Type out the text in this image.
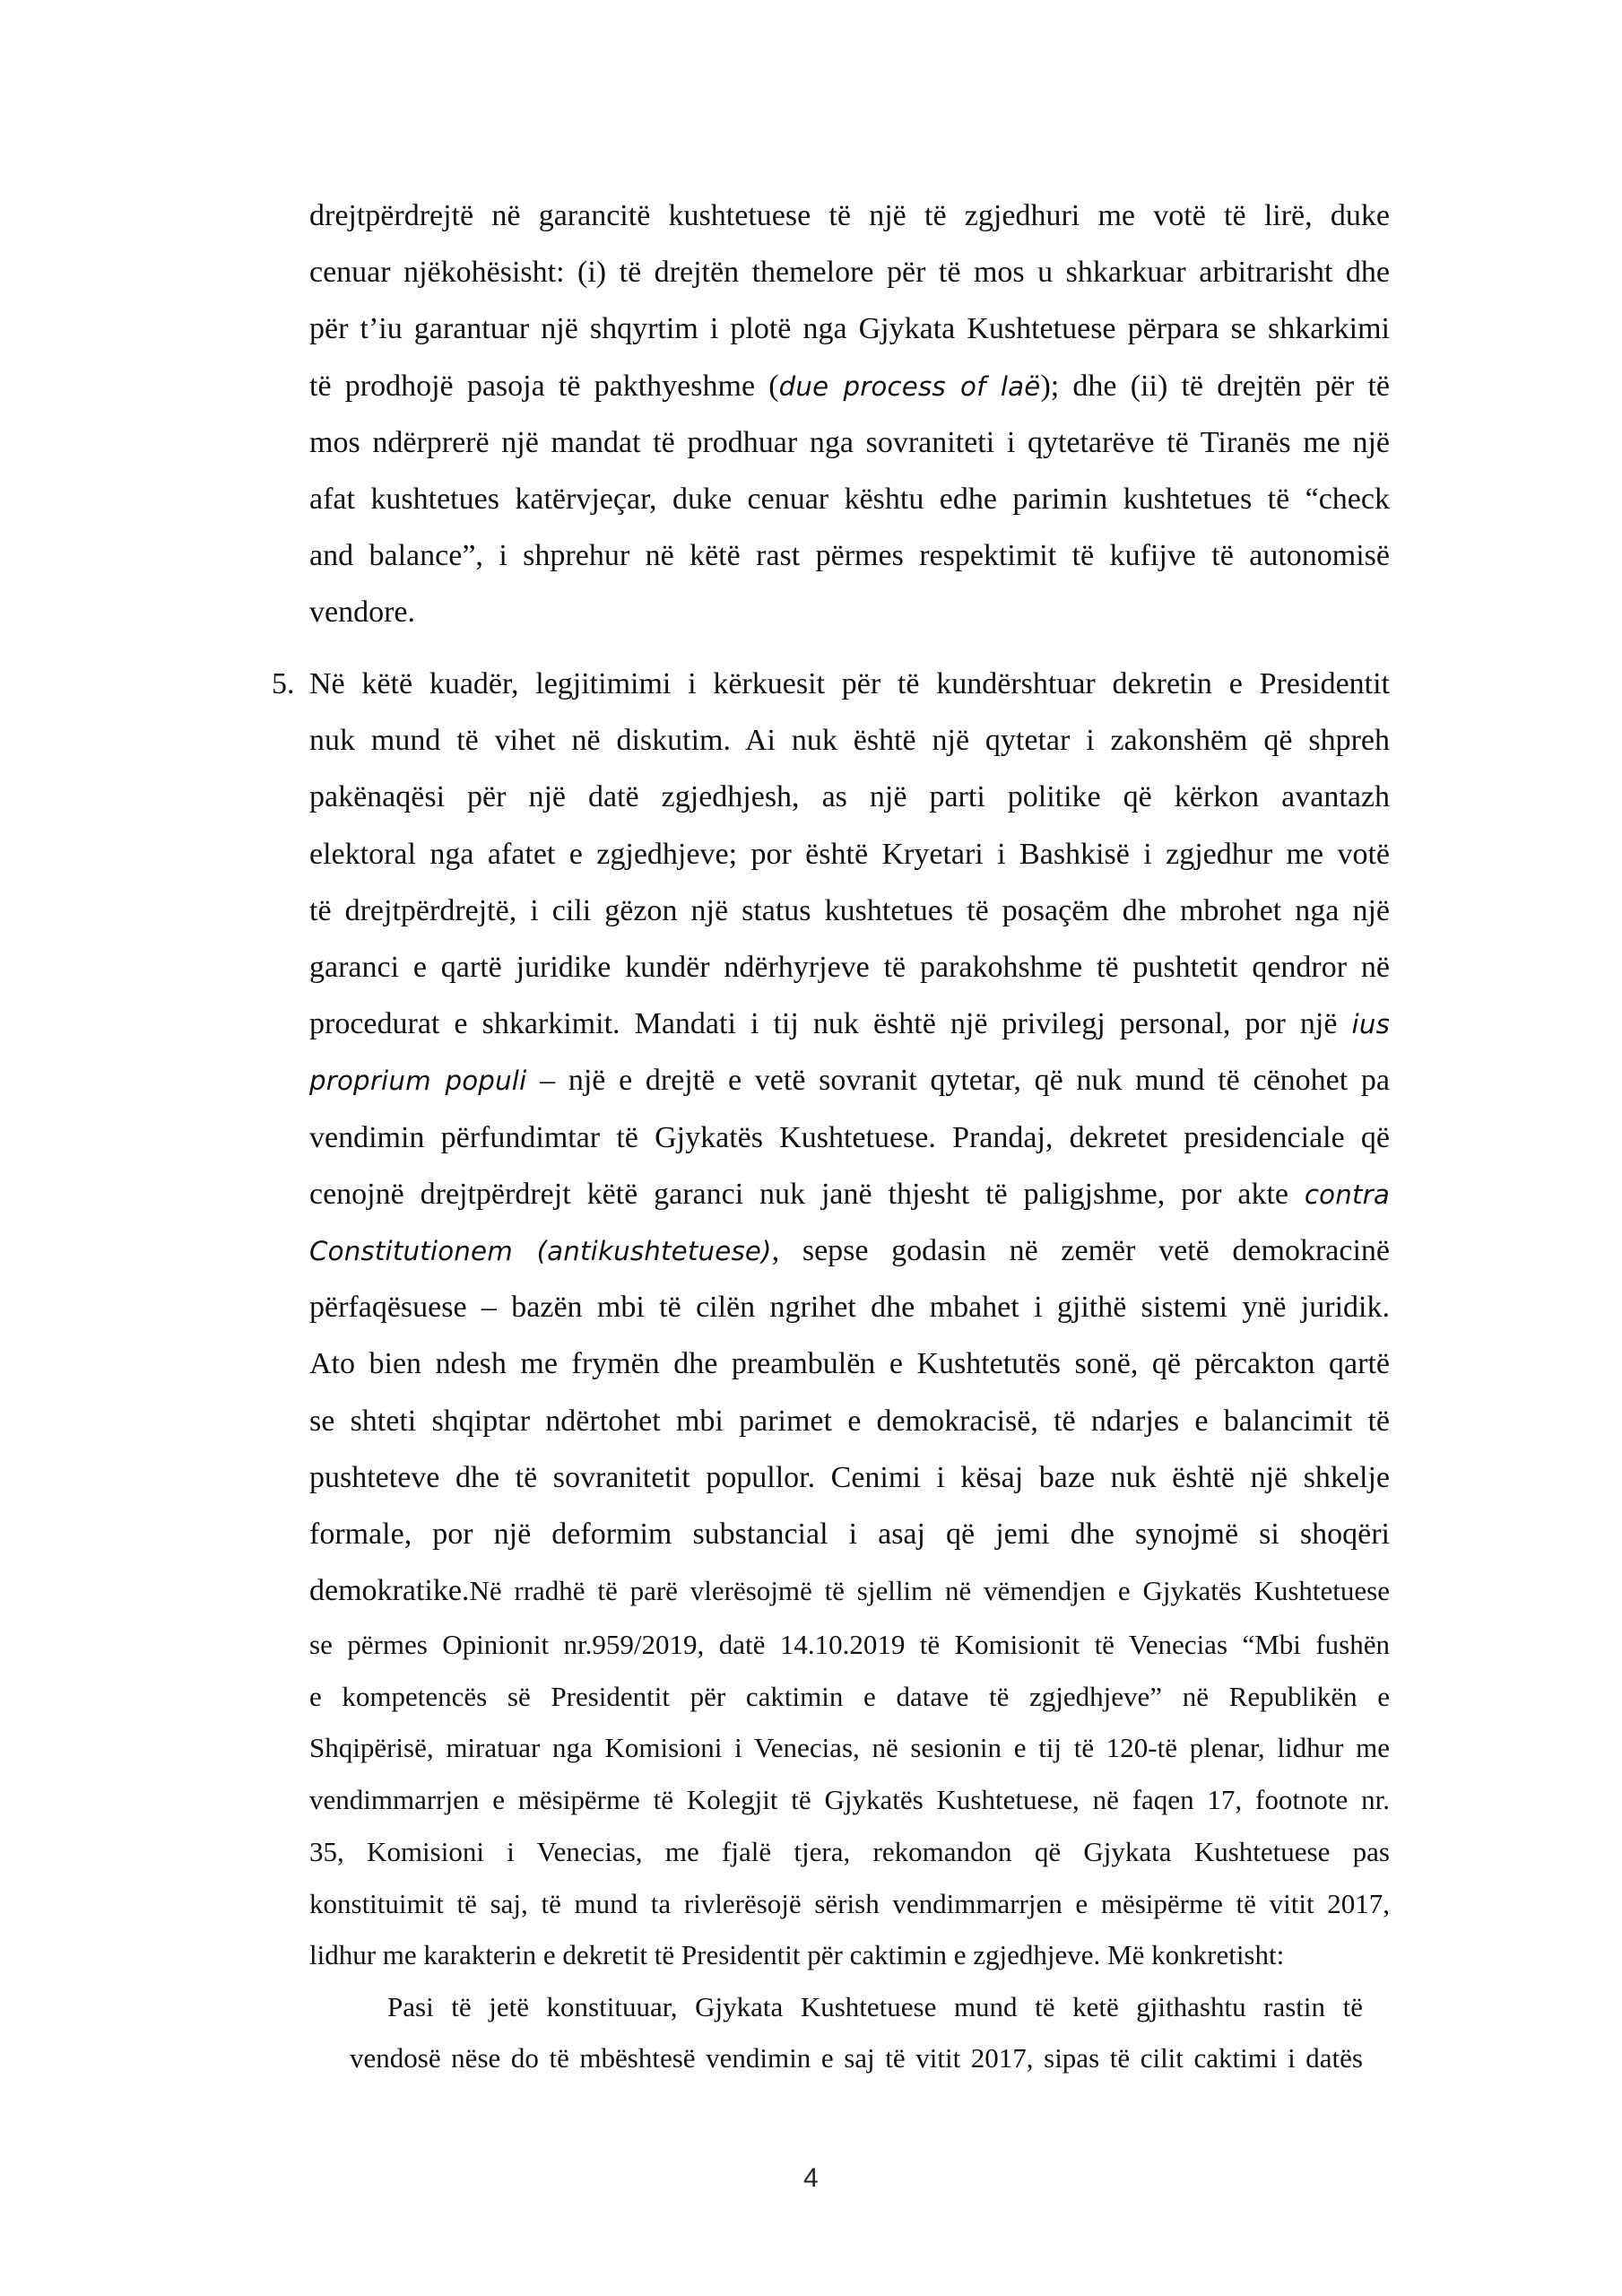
drejtpërdrejtë në garancitë kushtetuese të një të zgjedhuri me votë të lirë, duke
cenuar njëkohësisht: (i) të drejtën themelore për të mos u shkarkuar arbitrarisht dhe
për t’iu garantuar një shqyrtim i plotë nga Gjykata Kushtetuese përpara se shkarkimi
të prodhojë pasoja të pakthyeshme (due process of laë); dhe (ii) të drejtën për të
mos ndërprerë një mandat të prodhuar nga sovraniteti i qytetarëve të Tiranës me një
afat kushtetues katërvjeçar, duke cenuar kështu edhe parimin kushtetues të “check
and balance”, i shprehur në këtë rast përmes respektimit të kufijve të autonomisë
vendore.
5. Në këtë kuadër, legjitimimi i kërkuesit për të kundërshtuar dekretin e Presidentit
nuk mund të vihet në diskutim. Ai nuk është një qytetar i zakonshëm që shpreh
pakënaqësi për një datë zgjedhjesh, as një parti politike që kërkon avantazh
elektoral nga afatet e zgjedhjeve; por është Kryetari i Bashkisë i zgjedhur me votë
të drejtpërdrejtë, i cili gëzon një status kushtetues të posaçëm dhe mbrohet nga një
garanci e qartë juridike kundër ndërhyrjeve të parakohshme të pushtetit qendror në
procedurat e shkarkimit. Mandati i tij nuk është një privilegj personal, por një ius
proprium populi – një e drejtë e vetë sovranit qytetar, që nuk mund të cënohet pa
vendimin përfundimtar të Gjykatës Kushtetuese. Prandaj, dekretet presidenciale që
cenojnë drejtpërdrejt këtë garanci nuk janë thjesht të paligjshme, por akte contra
Constitutionem (antikushtetuese), sepse godasin në zemër vetë demokracinë
përfaqësuese – bazën mbi të cilën ngrihet dhe mbahet i gjithë sistemi ynë juridik.
Ato bien ndesh me frymën dhe preambulën e Kushtetutës sonë, që përcakton qartë
se shteti shqiptar ndërtohet mbi parimet e demokracisë, të ndarjes e balancimit të
pushteteve dhe të sovranitetit popullor. Cenimi i kësaj baze nuk është një shkelje
formale, por një deformim substancial i asaj që jemi dhe synojmë si shoqëri
demokratike.Në rradhë të parë vlerësojmë të sjellim në vëmendjen e Gjykatës Kushtetuese
se përmes Opinionit nr.959/2019, datë 14.10.2019 të Komisionit të Venecias “Mbi fushën
e kompetencës së Presidentit për caktimin e datave të zgjedhjeve” në Republikën e
Shqipërisë, miratuar nga Komisioni i Venecias, në sesionin e tij të 120-të plenar, lidhur me
vendimmarrjen e mësipërme të Kolegjit të Gjykatës Kushtetuese, në faqen 17, footnote nr.
35, Komisioni i Venecias, me fjalë tjera, rekomandon që Gjykata Kushtetuese pas
konstituimit të saj, të mund ta rivlerësojë sërish vendimmarrjen e mësipërme të vitit 2017,
lidhur me karakterin e dekretit të Presidentit për caktimin e zgjedhjeve. Më konkretisht:
Pasi të jetë konstituuar, Gjykata Kushtetuese mund të ketë gjithashtu rastin të
vendosë nëse do të mbështesë vendimin e saj të vitit 2017, sipas të cilit caktimi i datës
4
